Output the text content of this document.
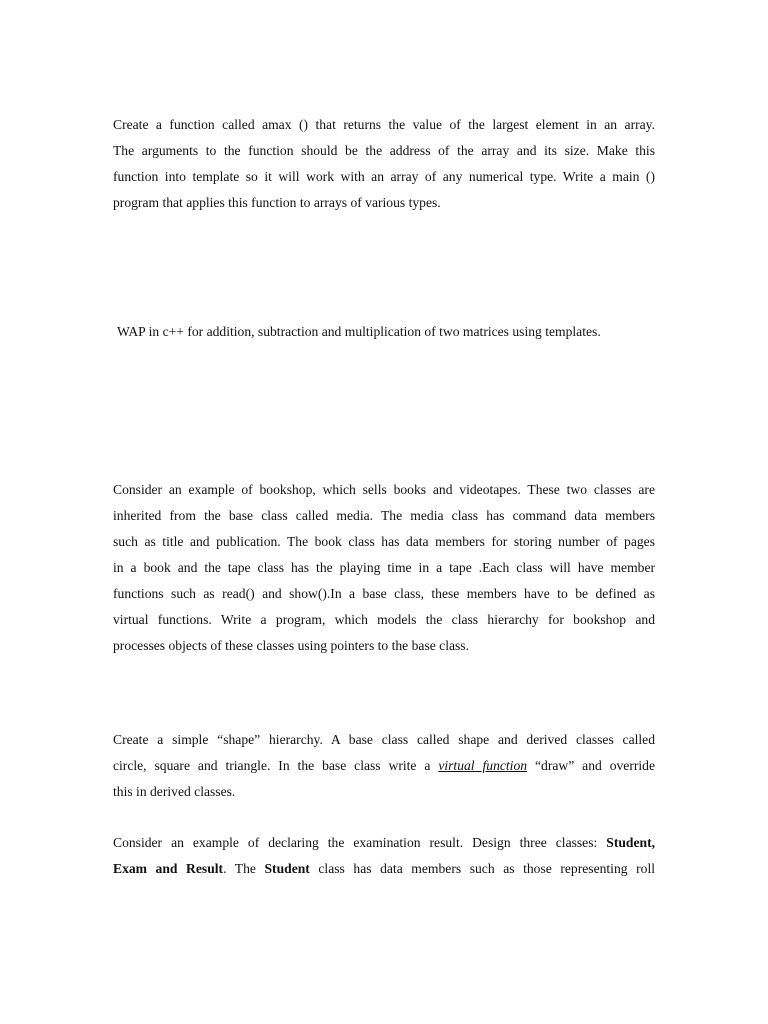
Create a function called amax () that returns the value of the largest element in an array.
The arguments to the function should be the address of the array and its size. Make this
function into template so it will work with an array of any numerical type. Write a main ()
program that applies this function to arrays of various types.
WAP in c++ for addition, subtraction and multiplication of two matrices using templates.
Consider an example of bookshop, which sells books and videotapes. These two classes are
inherited from the base class called media. The media class has command data members
such as title and publication. The book class has data members for storing number of pages
in a book and the tape class has the playing time in a tape .Each class will have member
functions such as read() and show().In a base class, these members have to be defined as
virtual functions. Write a program, which models the class hierarchy for bookshop and
processes objects of these classes using pointers to the base class.
Create a simple “shape” hierarchy. A base class called shape and derived classes called
circle, square and triangle. In the base class write a virtual function “draw” and override
this in derived classes.
Consider an example of declaring the examination result. Design three classes: Student,
Exam and Result. The Student class has data members such as those representing roll
